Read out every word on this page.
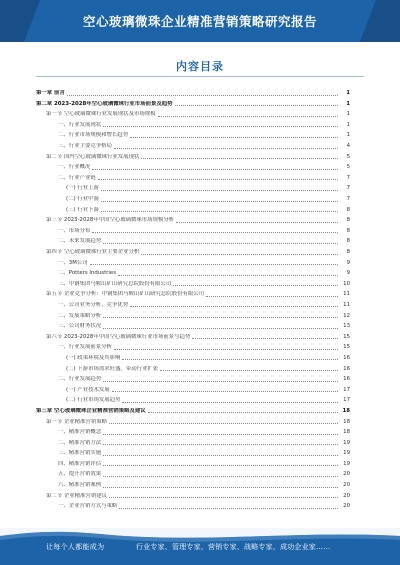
空心玻璃微珠企业精准营销策略研究报告
内容目录
第一章 前言	1
第二章 2023-2028年空心玻璃微珠行业市场前景及趋势	1
第一节 空心玻璃微珠行业发展现状及市场规模	1
一、行业发展现状	1
二、行业市场规模和增长趋势	1
三、行业主要竞争格局	4
第二节 国内空心玻璃微珠行业发展现状	5
一、行业概况	5
二、行业产业链	7
(一) 行业上游	7
(二) 行业中游	7
(三) 行业下游	8
第三节 2023-2028年中国空心玻璃微珠市场规模分析	8
一、市场分布	8
二、未来发展趋势	8
第四节 空心玻璃微珠行业主要企业分析	8
一、3M公司	9
二、Potters Industries	9
三、中钢集团马鞍山矿山研究总院股份有限公司	10
第五节 企业竞争分析：中钢集团马鞍山矿山研究总院股份有限公司	11
一、公司业务分析、竞争优势	11
二、发展策略分析	12
三、公司财务状况	13
第六节 2023-2028年中国空心玻璃微珠行业市场前景与趋势	15
一、行业发展前景分析	15
(一) 政策环境及其影响	16
(二) 下游市场需求旺盛，带动行业扩张	16
二、行业发展趋势	16
(一) 产业技术发展	17
(二) 行业市场发展趋势	17
第三章 空心玻璃微珠企业精准营销策略及建议	18
第一节 企业精准营销策略	18
一、精准营销概念	18
二、精准营销方法	19
三、精准营销实施	19
四、精准营销评估	19
五、提升营销效果	20
六、精准营销案例	20
第二节 企业精准营销建议	20
一、企业营销方式与策略	20
让每个人都能成为	行业专家、管理专家、营销专家、战略专家、成功企业家……
